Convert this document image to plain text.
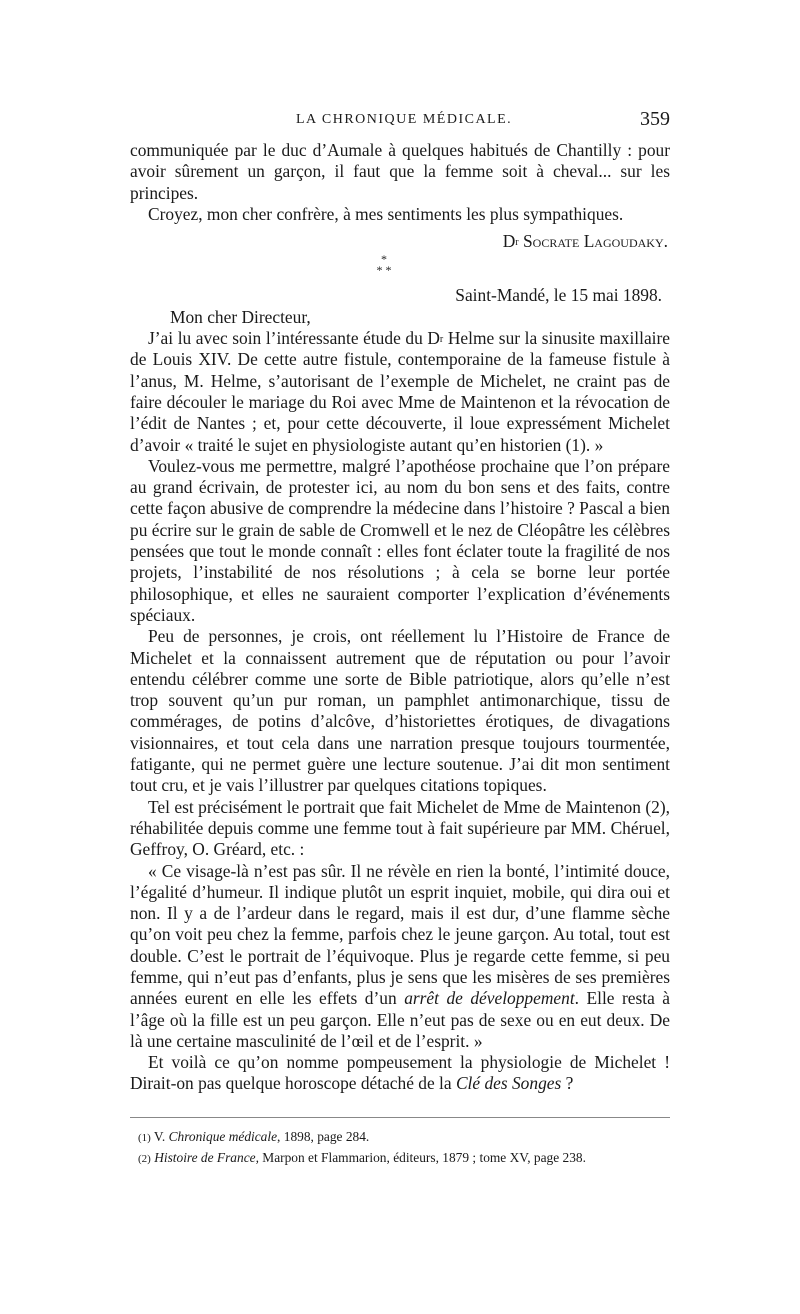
LA CHRONIQUE MÉDICALE.	359

communiquée par le duc d’Aumale à quelques habitués de Chantilly : pour avoir sûrement un garçon, il faut que la femme soit à cheval... sur les principes.

Croyez, mon cher confrère, à mes sentiments les plus sympathiques.

$D^r$ Socrate Lagoudaky.

*
* *

Saint-Mandé, le 15 mai 1898.

Mon cher Directeur,

J’ai lu avec soin l’intéressante étude du $D^r$ Helme sur la sinusite maxillaire de Louis XIV. De cette autre fistule, contemporaine de la fameuse fistule à l’anus, M. Helme, s’autorisant de l’exemple de Michelet, ne craint pas de faire découler le mariage du Roi avec Mme de Maintenon et la révocation de l’édit de Nantes ; et, pour cette découverte, il loue expressément Michelet d’avoir « traité le sujet en physiologiste autant qu’en historien (1). »

Voulez-vous me permettre, malgré l’apothéose prochaine que l’on prépare au grand écrivain, de protester ici, au nom du bon sens et des faits, contre cette façon abusive de comprendre la médecine dans l’histoire ? Pascal a bien pu écrire sur le grain de sable de Cromwell et le nez de Cléopâtre les célèbres pensées que tout le monde connaît : elles font éclater toute la fragilité de nos projets, l’instabilité de nos résolutions ; à cela se borne leur portée philosophique, et elles ne sauraient comporter l’explication d’événements spéciaux.

Peu de personnes, je crois, ont réellement lu l’Histoire de France de Michelet et la connaissent autrement que de réputation ou pour l’avoir entendu célébrer comme une sorte de Bible patriotique, alors qu’elle n’est trop souvent qu’un pur roman, un pamphlet antimonarchique, tissu de commérages, de potins d’alcôve, d’historiettes érotiques, de divagations visionnaires, et tout cela dans une narration presque toujours tourmentée, fatigante, qui ne permet guère une lecture soutenue. J’ai dit mon sentiment tout cru, et je vais l’illustrer par quelques citations topiques.

Tel est précisément le portrait que fait Michelet de Mme de Maintenon (2), réhabilitée depuis comme une femme tout à fait supérieure par MM. Chéruel, Geffroy, O. Gréard, etc. :

« Ce visage-là n’est pas sûr. Il ne révèle en rien la bonté, l’intimité douce, l’égalité d’humeur. Il indique plutôt un esprit inquiet, mobile, qui dira oui et non. Il y a de l’ardeur dans le regard, mais il est dur, d’une flamme sèche qu’on voit peu chez la femme, parfois chez le jeune garçon. Au total, tout est double. C’est le portrait de l’équivoque. Plus je regarde cette femme, si peu femme, qui n’eut pas d’enfants, plus je sens que les misères de ses premières années eurent en elle les effets d’un arrêt de développement. Elle resta à l’âge où la fille est un peu garçon. Elle n’eut pas de sexe ou en eut deux. De là une certaine masculinité de l’œil et de l’esprit. »

Et voilà ce qu’on nomme pompeusement la physiologie de Michelet ! Dirait-on pas quelque horoscope détaché de la Clé des Songes ?

(1) V. Chronique médicale, 1898, page 284.

(2) Histoire de France, Marpon et Flammarion, éditeurs, 1879 ; tome XV, page 238.
